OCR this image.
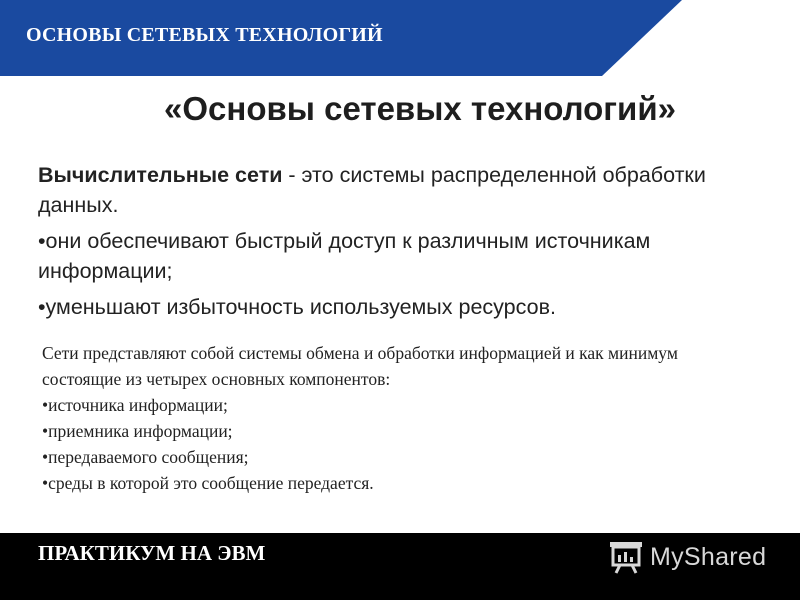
ОСНОВЫ СЕТЕВЫХ ТЕХНОЛОГИЙ
«Основы сетевых технологий»

Вычислительные сети - это системы распределенной обработки данных.

•они обеспечивают быстрый доступ к различным источникам информации;

•уменьшают избыточность используемых ресурсов.

Сети представляют собой системы обмена и обработки информацией и как минимум состоящие из четырех основных компонентов:

•источника информации;

•приемника информации;

•передаваемого сообщения;

•среды в которой это сообщение передается.

ПРАКТИКУМ НА ЭВМ	MyShared
